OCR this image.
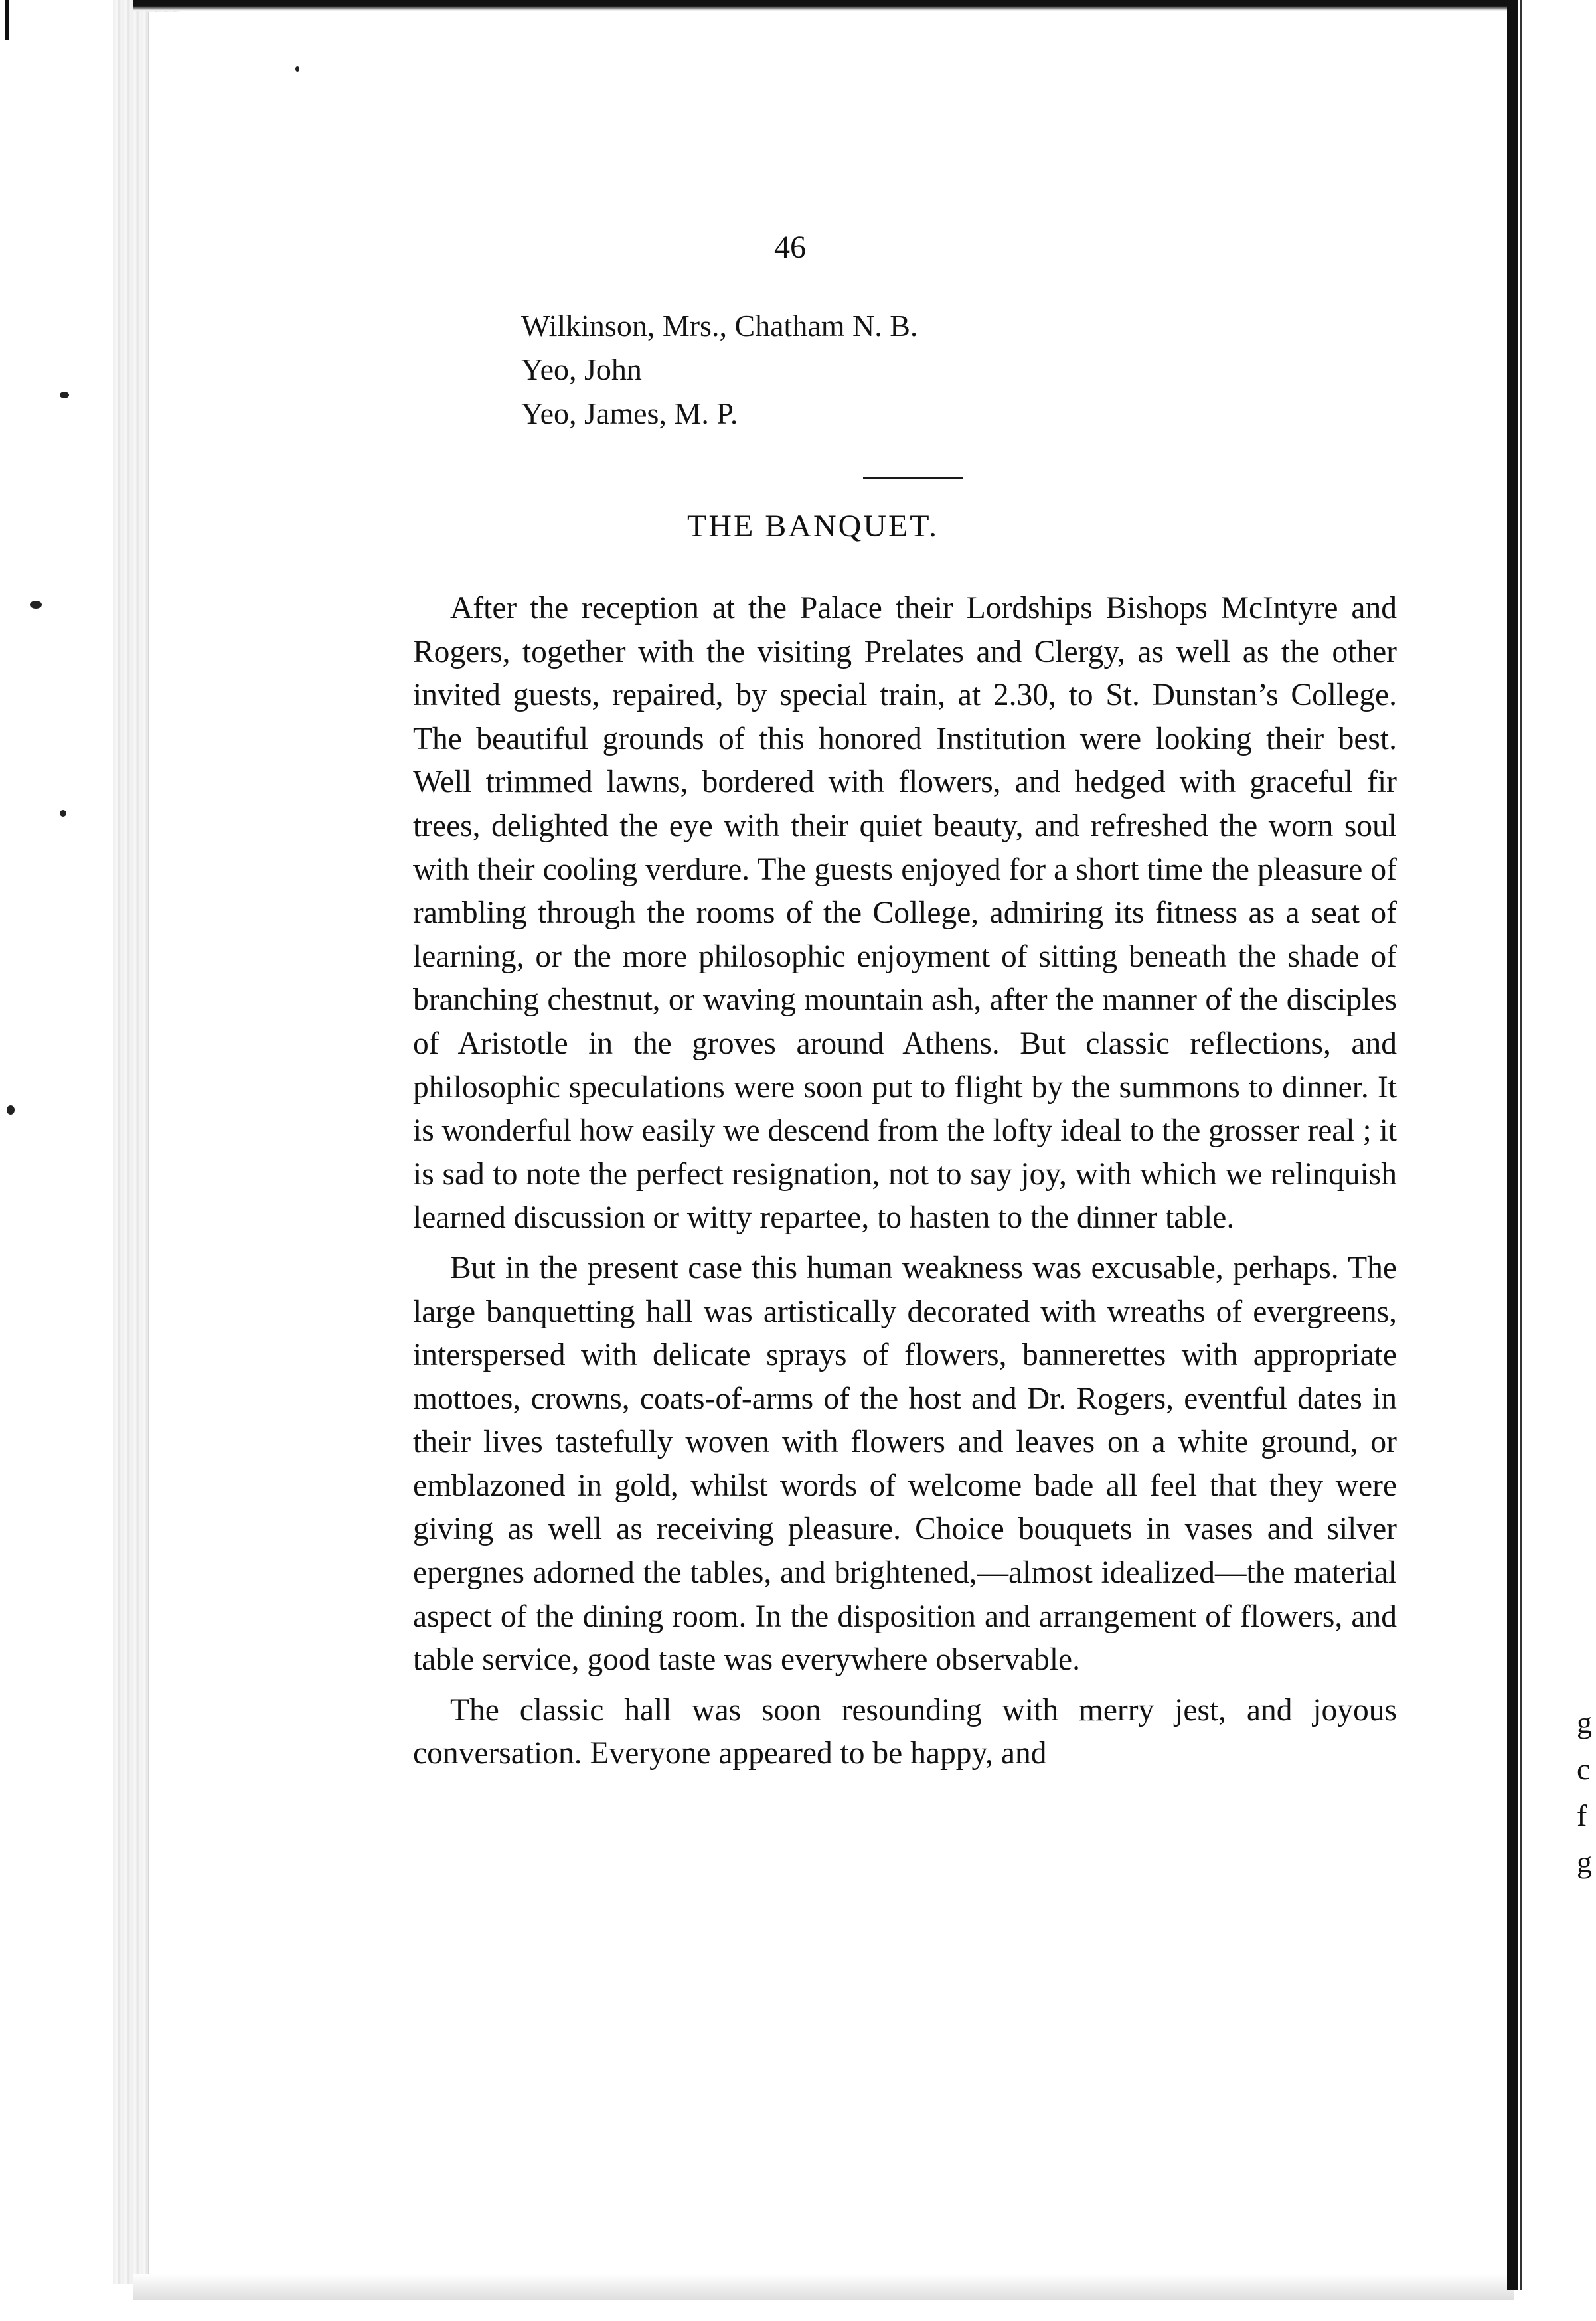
g
c
f
g
46
Wilkinson, Mrs., Chatham N. B.
Yeo, John
Yeo, James, M. P.
THE BANQUET.

After the reception at the Palace their Lordships Bishops McIntyre and Rogers, together with the visiting Prelates and Clergy, as well as the other invited guests, repaired, by special train, at 2.30, to St. Dunstan’s College. The beautiful grounds of this honored Institution were looking their best. Well trimmed lawns, bordered with flowers, and hedged with graceful fir trees, delighted the eye with their quiet beauty, and refreshed the worn soul with their cooling verdure. The guests enjoyed for a short time the pleasure of rambling through the rooms of the College, admiring its fitness as a seat of learning, or the more philosophic enjoyment of sitting beneath the shade of branching chestnut, or waving mountain ash, after the manner of the disciples of Aristotle in the groves around Athens. But classic reflections, and philosophic speculations were soon put to flight by the summons to dinner. It is wonderful how easily we descend from the lofty ideal to the grosser real ; it is sad to note the perfect resignation, not to say joy, with which we relinquish learned discussion or witty repartee, to hasten to the dinner table.

But in the present case this human weakness was excusable, perhaps. The large banquetting hall was artistically decorated with wreaths of evergreens, interspersed with delicate sprays of flowers, bannerettes with appropriate mottoes, crowns, coats-of-arms of the host and Dr. Rogers, eventful dates in their lives tastefully woven with flowers and leaves on a white ground, or emblazoned in gold, whilst words of welcome bade all feel that they were giving as well as receiving pleasure. Choice bouquets in vases and silver epergnes adorned the tables, and brightened,—almost idealized—the material aspect of the dining room. In the disposition and arrangement of flowers, and table service, good taste was everywhere observable.

The classic hall was soon resounding with merry jest, and joyous conversation. Everyone appeared to be happy, and
